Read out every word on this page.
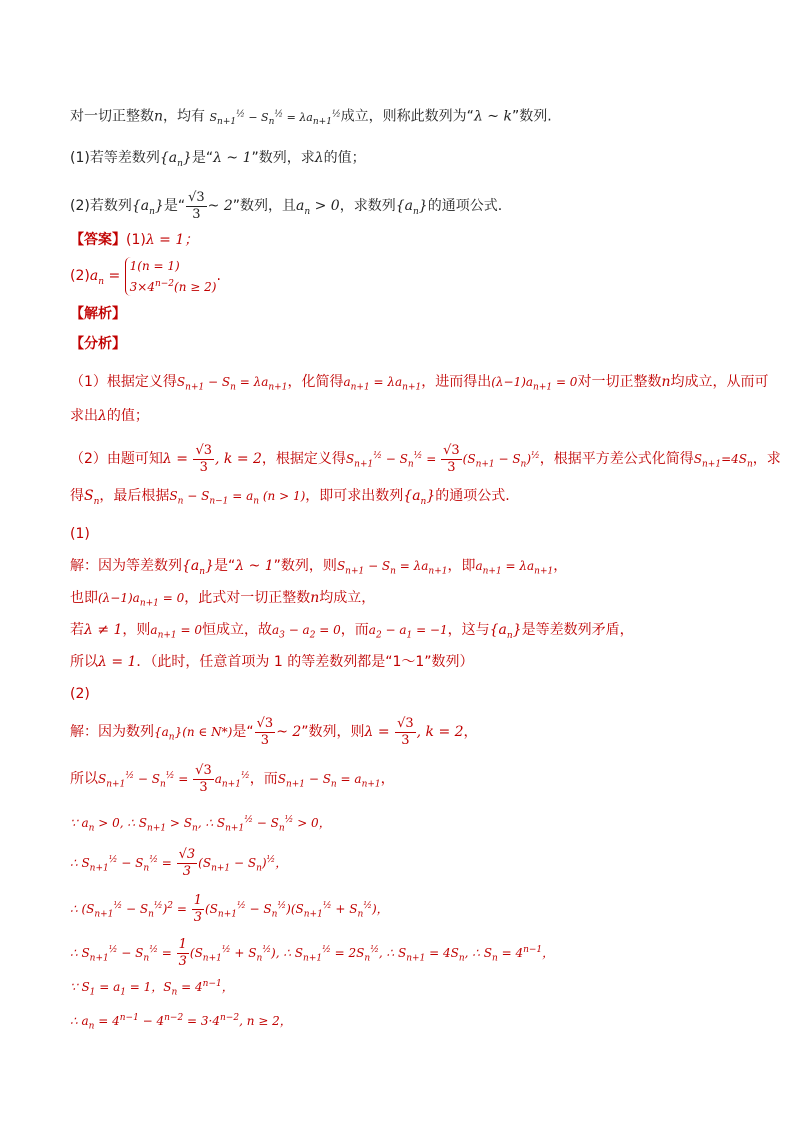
对一切正整数n，均有 $S_{n+1}^{\frac{1}{2}} - S_n^{\frac{1}{2}} = \lambda a_{n+1}^{\frac{1}{2}}$成立，则称此数列为“λ ~ k”数列.
(1)若等差数列$\{a_n\}$是“λ ~ 1”数列，求λ的值；
(2)若数列$\{a_n\}$是“ $\frac{√3}{3}$ ~ 2”数列，且$a_n > 0$，求数列$\{a_n\}$的通项公式.
【答案】(1)λ = 1；
$(2)a_n = 1(n = 1)$
$3\times 4^{n-2}(n \ge 2)$.
【解析】
【分析】
（1）根据定义得$S_{n+1} - S_n = \lambda a_{n+1}$，化简得$a_{n+1} = \lambda a_{n+1}$，进而得出$(\lambda-1)a_{n+1} = 0$对一切正整数n均成立，从而可
求出λ的值；
（2）由题可知$\lambda = \frac{√3}{3}$ , k = 2，根据定义得$S_{n+1}^{\frac{1}{2}} - S_n^{\frac{1}{2}} = \frac{√3}{3} (S_{n+1} - S_n)^{\frac{1}{2}}$，根据平方差公式化简得$S_{n+1}=4S_n$，求
得$S_n$，最后根据$S_n - S_{n-1} = a_n$ (n > 1)，即可求出数列$\{a_n\}$的通项公式.
(1)
解：因为等差数列$\{a_n\}$是“λ ~ 1”数列，则$S_{n+1} - S_n = \lambda a_{n+1}$，即$a_{n+1} = \lambda a_{n+1}$，
也即$(\lambda-1)a_{n+1} = 0$，此式对一切正整数n均成立，
若λ ≠ 1，则$a_{n+1} = 0$恒成立，故$a_3 - a_2 = 0$，而$a_2 - a_1 = -1$，这与$\{a_n\}$是等差数列矛盾，
所以λ = 1．（此时，任意首项为 1 的等差数列都是“1～1”数列）
(2)
解：因为数列$\{a_n\}(n$ ∈ N*)是“ $\frac{√3}{3}$ ~ 2”数列，则$\lambda = \frac{√3}{3}$ , k = 2，
所以$S_{n+1}^{\frac{1}{2}} - S_n^{\frac{1}{2}} = \frac{√3}{3} a_{n+1}^{\frac{1}{2}}$，而$S_{n+1} - S_n = a_{n+1}$，
∵ $a_n > 0$, ∴ $S_{n+1} > S_n$, ∴ $S_{n+1}^{\frac{1}{2}} - S_n^{\frac{1}{2}} > 0$，
∴ $S_{n+1}^{\frac{1}{2}} - S_n^{\frac{1}{2}} = \frac{√3}{3} (S_{n+1} - S_n)^{\frac{1}{2}}$，
∴ $(S_{n+1}^{\frac{1}{2}} - S_n^{\frac{1}{2}})^2 = \frac{1}{3} (S_{n+1}^{\frac{1}{2}} - S_n^{\frac{1}{2}})(S_{n+1}^{\frac{1}{2}} + S_n^{\frac{1}{2}})$，
∴ $S_{n+1}^{\frac{1}{2}} - S_n^{\frac{1}{2}} = \frac{1}{3} (S_{n+1}^{\frac{1}{2}} + S_n^{\frac{1}{2}})$, ∴ $S_{n+1}^{\frac{1}{2}} = 2S_n^{\frac{1}{2}}$, ∴ $S_{n+1} = 4S_n$, ∴ $S_n = 4^{n-1}$，
∵ $S_1 = a_1 = 1$，$S_n = 4^{n-1}$，
∴ $a_n = 4^{n-1} - 4^{n-2} = 3\cdot 4^{n-2}$, n ≥ 2，
